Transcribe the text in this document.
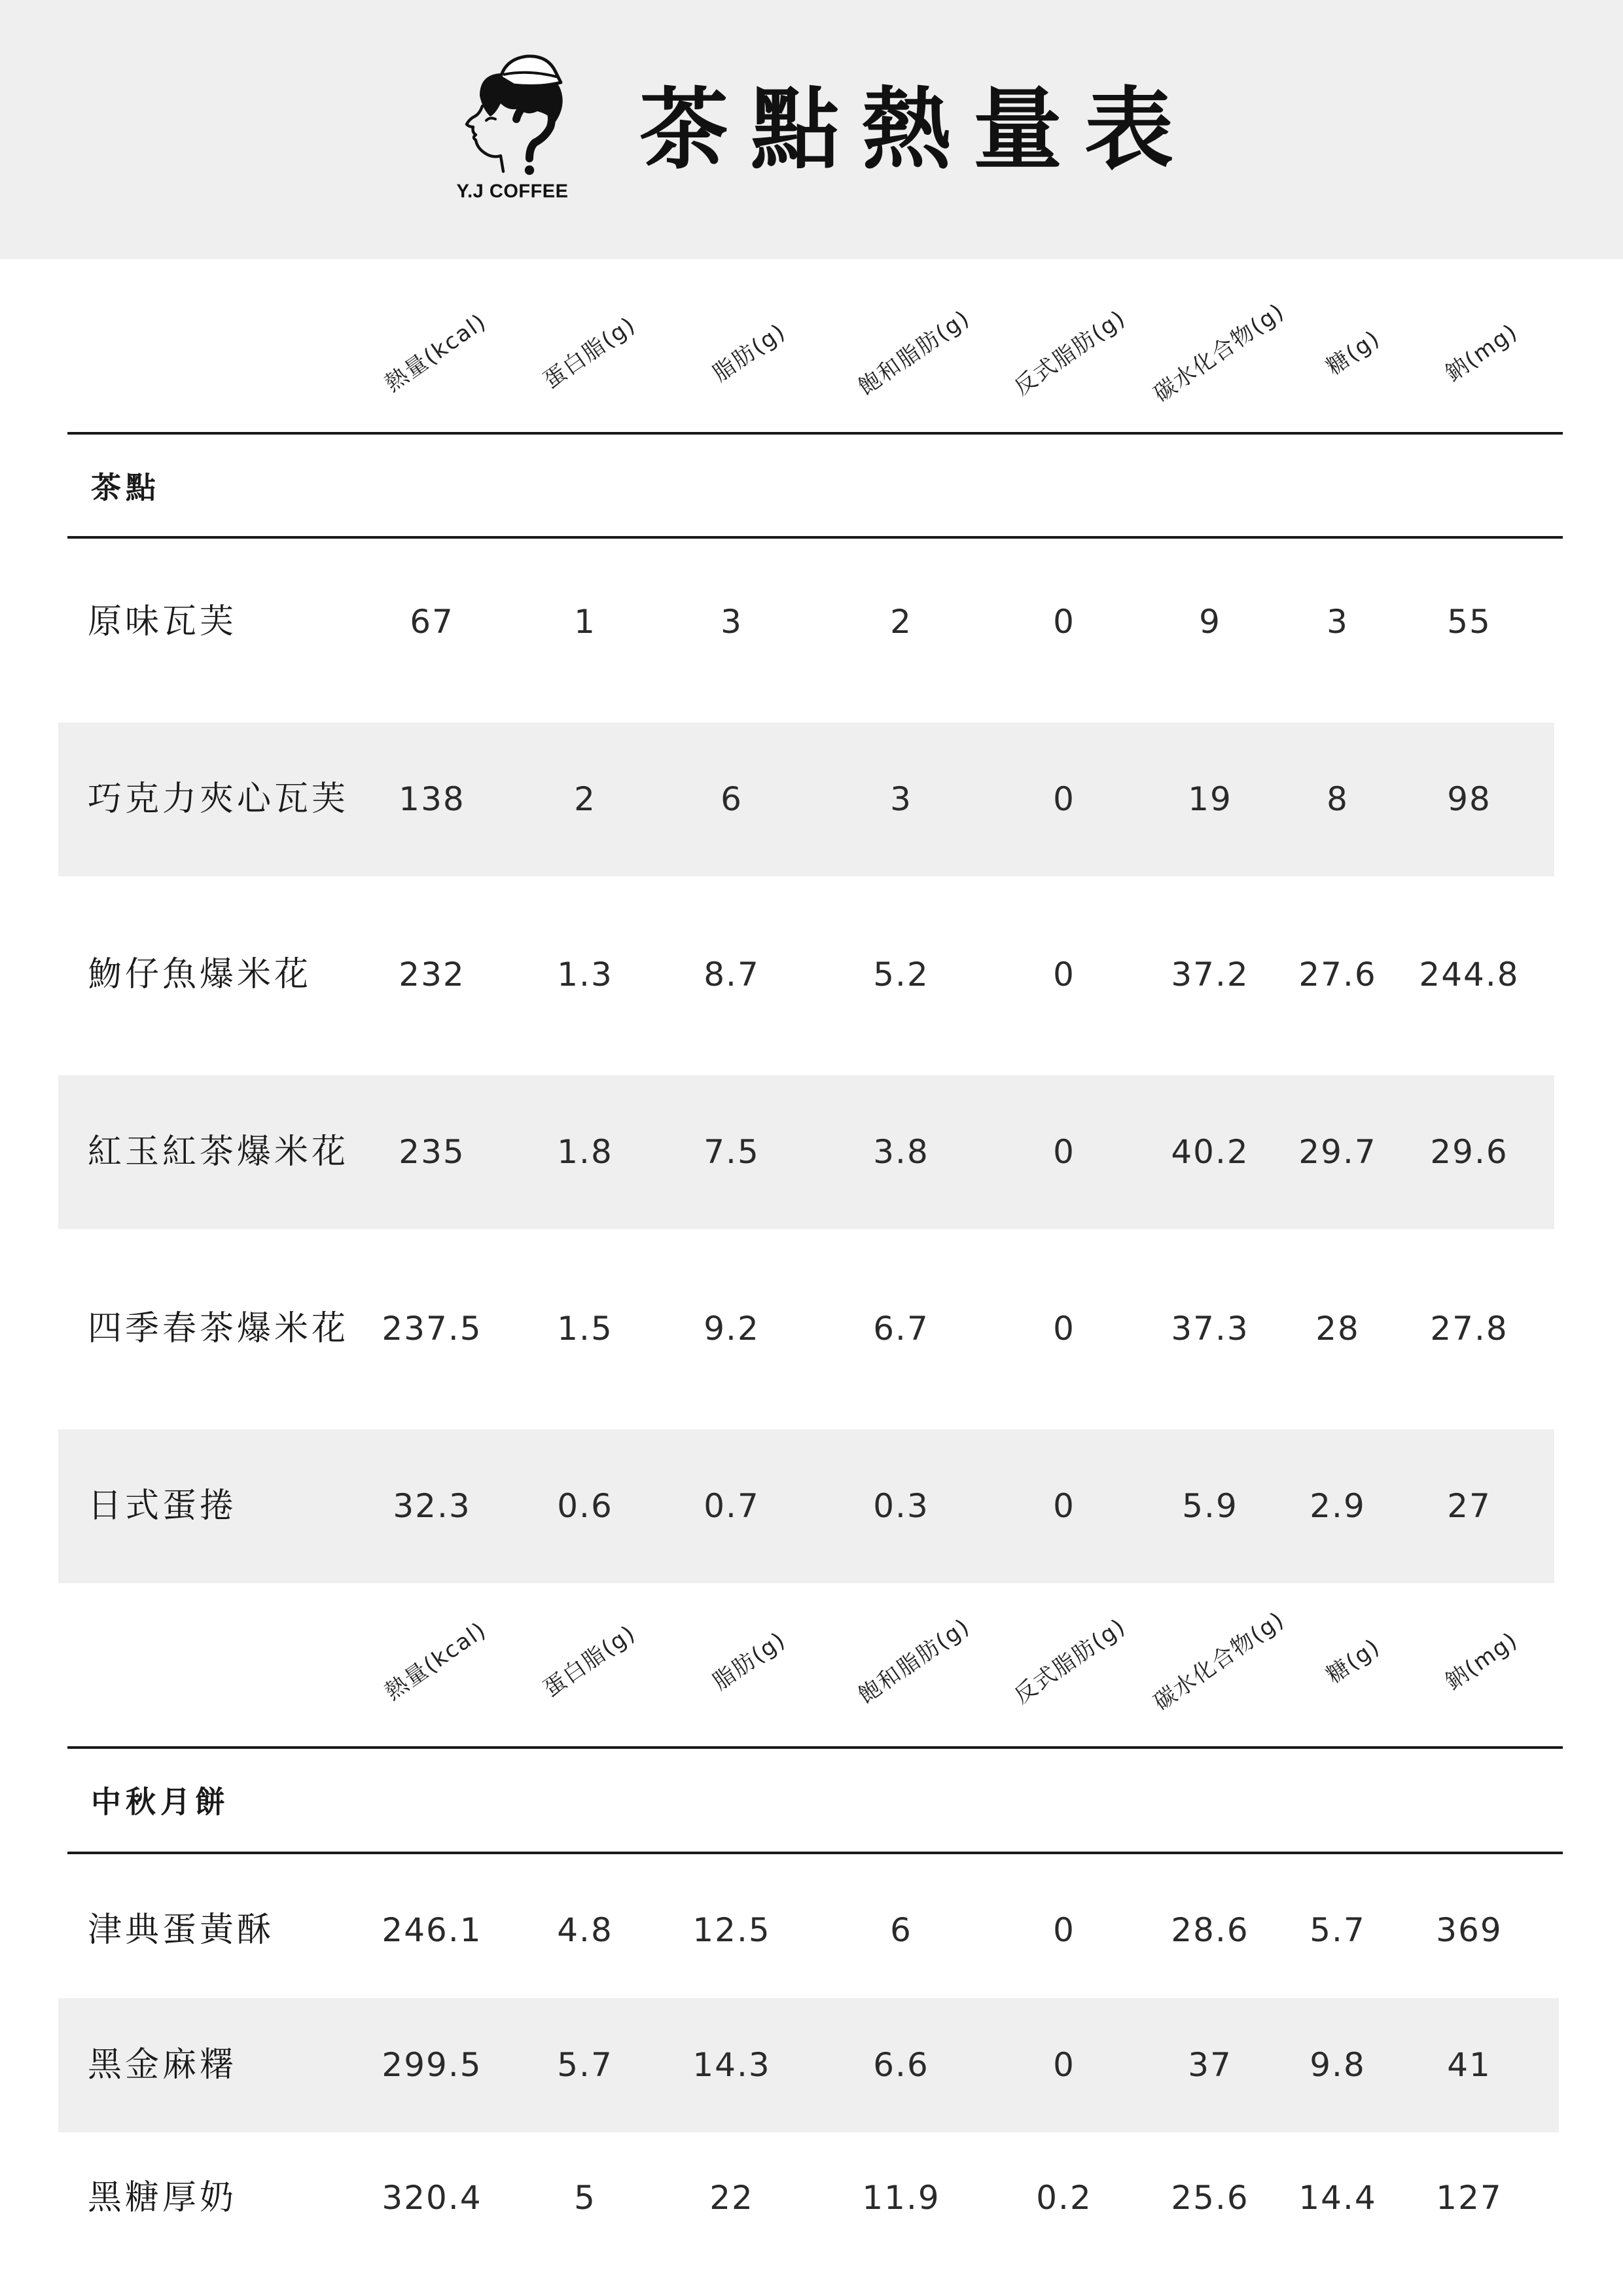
Y.J COFFEE
茶點熱量表
熱量(kcal) 蛋白脂(g)	脂肪(g)	飽和脂肪(g) 反式脂肪(g) 碳水化合物(g) 糖(g) 鈉(mg)
茶點
原味瓦芙	67	1	3	2	0	9	3	55
巧克力夾心瓦芙 138	2	6	3	0	19	8	98
魩仔魚爆米花	232	1.3	8.7	5.2	0	37.2 27.6 244.8
紅玉紅茶爆米花 235	1.8	7.5	3.8	0	40.2 29.7 29.6
四季春茶爆米花 237.5 1.5	9.2	6.7	0	37.3 28 27.8
日式蛋捲	32.3	0.6	0.7	0.3	0	5.9 2.9 27
熱量(kcal) 蛋白脂(g)	脂肪(g)	飽和脂肪(g) 反式脂肪(g) 碳水化合物(g) 糖(g) 鈉(mg)
中秋月餅
津典蛋黃酥	246.1 4.8 12.5	6	0	28.6 5.7 369
黑金麻糬	299.5 5.7 14.3	6.6	0	37 9.8 41
黑糖厚奶	320.4	5	22	11.9	0.2 25.6 14.4 127
